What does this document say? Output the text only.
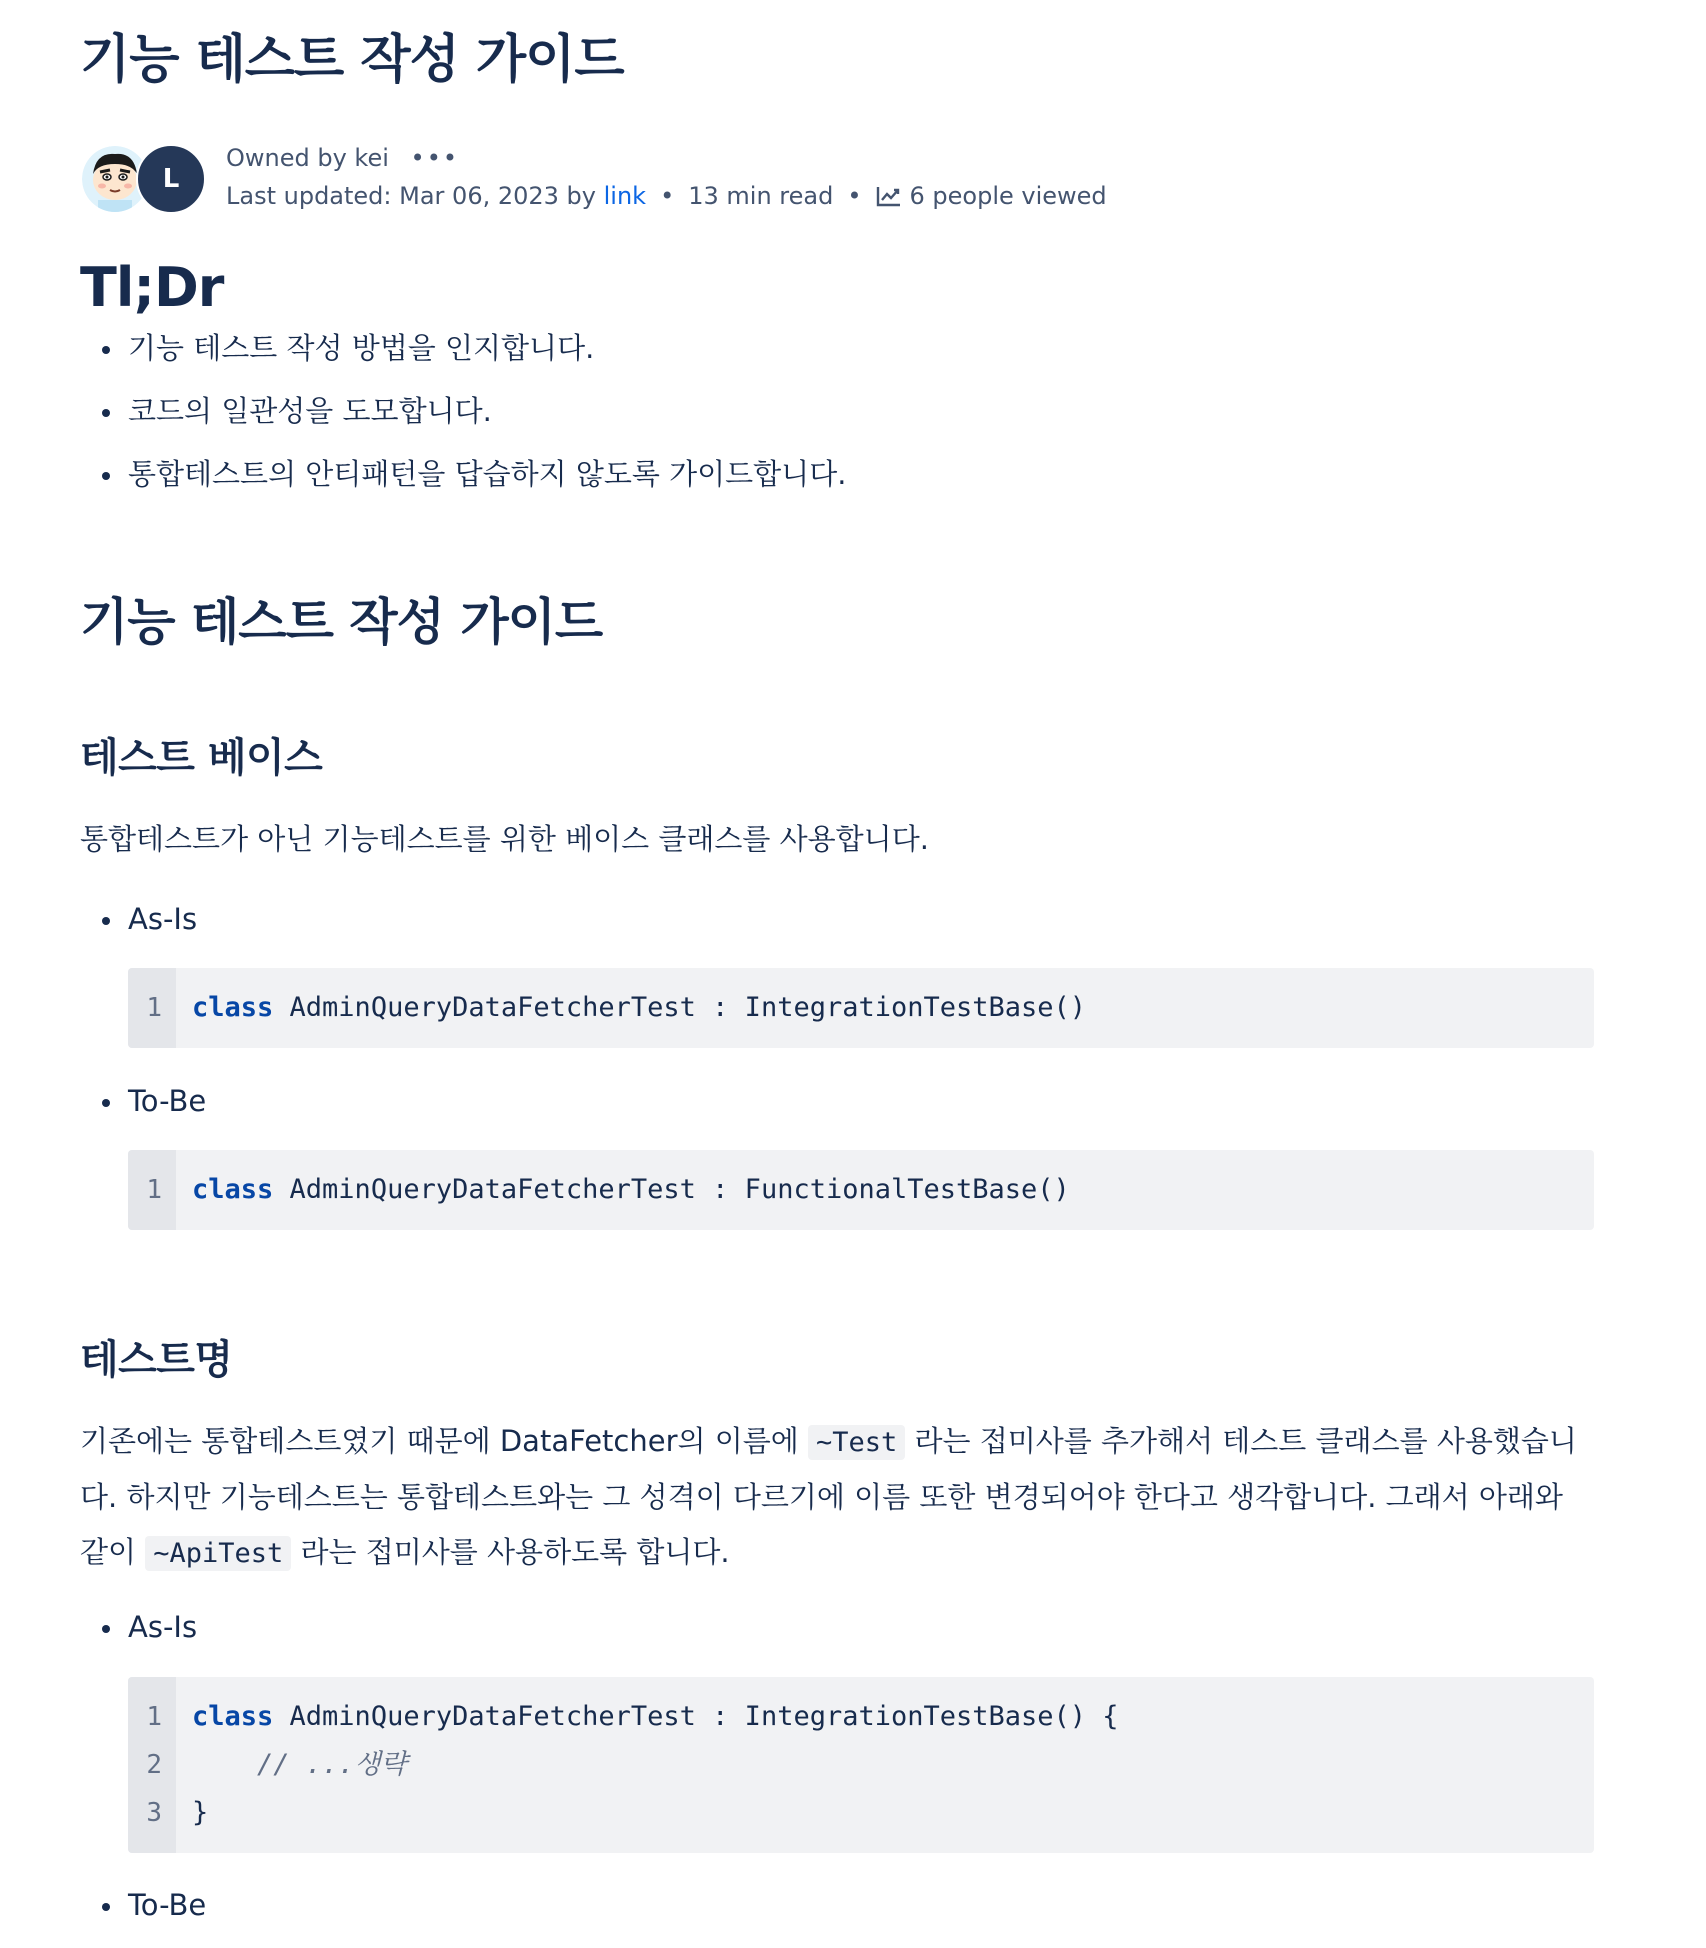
기능 테스트 작성 가이드
L
Owned by kei •••
Last updated: Mar 06, 2023 by link • 13 min read • 6 people viewed
Tl;Dr
기능 테스트 작성 방법을 인지합니다.
코드의 일관성을 도모합니다.
통합테스트의 안티패턴을 답습하지 않도록 가이드합니다.
기능 테스트 작성 가이드
테스트 베이스

통합테스트가 아닌 기능테스트를 위한 베이스 클래스를 사용합니다.

As-Is
1	class AdminQueryDataFetcherTest : IntegrationTestBase()
To-Be
1	class AdminQueryDataFetcherTest : FunctionalTestBase()
테스트명

기존에는 통합테스트였기 때문에 DataFetcher의 이름에 ~Test 라는 접미사를 추가해서 테스트 클래스를 사용했습니다. 하지만 기능테스트는 통합테스트와는 그 성격이 다르기에 이름 또한 변경되어야 한다고 생각합니다. 그래서 아래와 같이 ~ApiTest 라는 접미사를 사용하도록 합니다.

As-Is
1
2
3
class AdminQueryDataFetcherTest : IntegrationTestBase() {
// ...생략
}
To-Be
